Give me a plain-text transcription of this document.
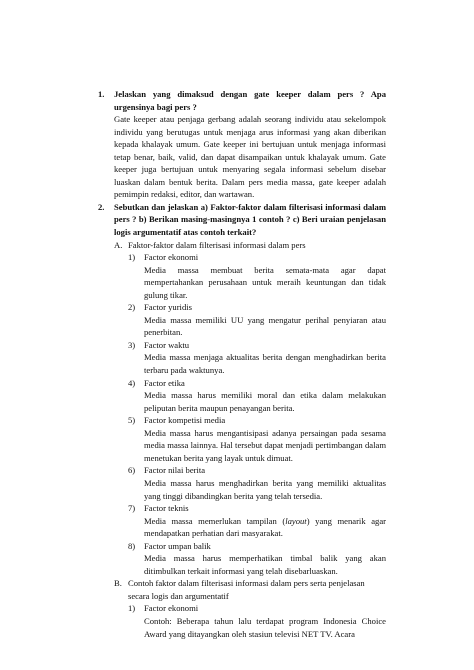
1. Jelaskan yang dimaksud dengan gate keeper dalam pers ? Apa urgensinya bagi pers ?

Gate keeper atau penjaga gerbang adalah seorang individu atau sekelompok individu yang berutugas untuk menjaga arus informasi yang akan diberikan kepada khalayak umum. Gate keeper ini bertujuan untuk menjaga informasi tetap benar, baik, valid, dan dapat disampaikan untuk khalayak umum. Gate keeper juga bertujuan untuk menyaring segala informasi sebelum disebar luaskan dalam bentuk berita. Dalam pers media massa, gate keeper adalah pemimpin redaksi, editor, dan wartawan.

2. Sebutkan dan jelaskan a) Faktor-faktor dalam filterisasi informasi dalam pers ? b) Berikan masing-masingnya 1 contoh ? c) Beri uraian penjelasan logis argumentatif atas contoh terkait?

A. Faktor-faktor dalam filterisasi informasi dalam pers

1) Factor ekonomi

Media massa membuat berita semata-mata agar dapat mempertahankan perusahaan untuk meraih keuntungan dan tidak gulung tikar.

2) Factor yuridis

Media massa memiliki UU yang mengatur perihal penyiaran atau penerbitan.

3) Factor waktu

Media massa menjaga aktualitas berita dengan menghadirkan berita terbaru pada waktunya.

4) Factor etika

Media massa harus memiliki moral dan etika dalam melakukan peliputan berita maupun penayangan berita.

5) Factor kompetisi media

Media massa harus mengantisipasi adanya persaingan pada sesama media massa lainnya. Hal tersebut dapat menjadi pertimbangan dalam menetukan berita yang layak untuk dimuat.

6) Factor nilai berita

Media massa harus menghadirkan berita yang memiliki aktualitas yang tinggi dibandingkan berita yang telah tersedia.

7) Factor teknis

Media massa memerlukan tampilan (layout) yang menarik agar mendapatkan perhatian dari masyarakat.

8) Factor umpan balik

Media massa harus memperhatikan timbal balik yang akan ditimbulkan terkait informasi yang telah disebarluaskan.

B. Contoh faktor dalam filterisasi informasi dalam pers serta penjelasan secara logis dan argumentatif

1) Factor ekonomi

Contoh: Beberapa tahun lalu terdapat program Indonesia Choice Award yang ditayangkan oleh stasiun televisi NET TV. Acara
